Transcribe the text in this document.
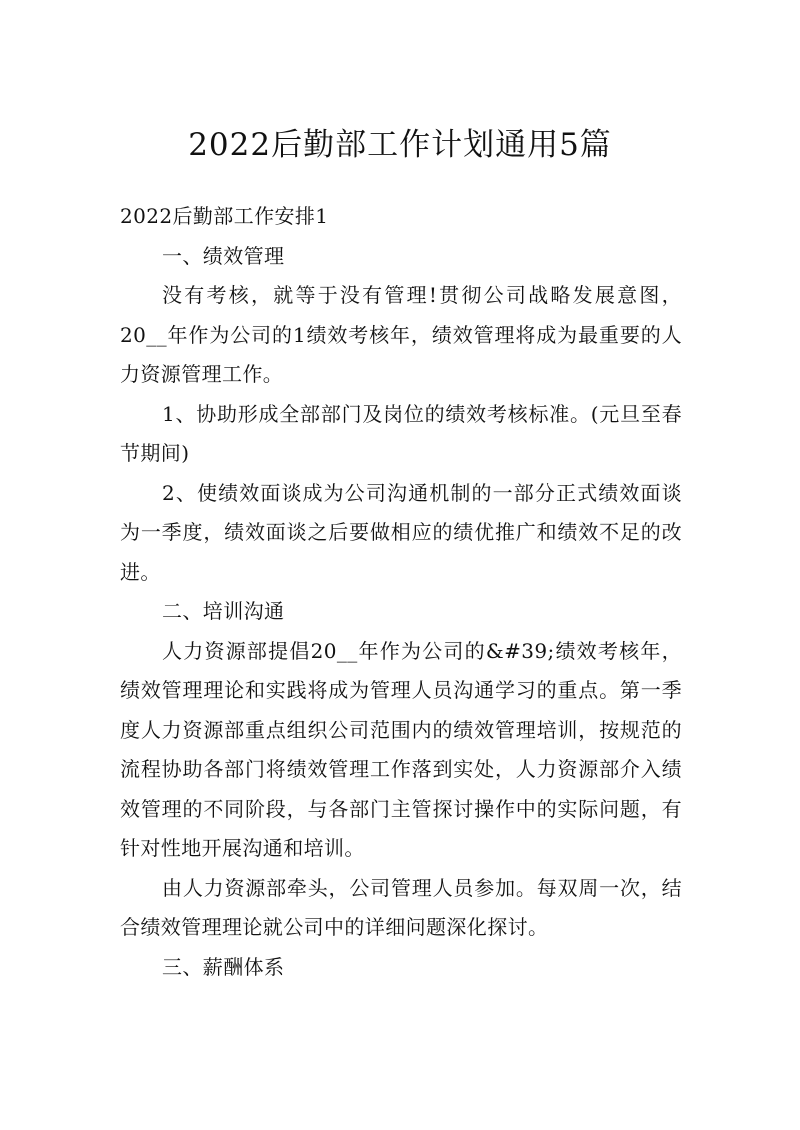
2022后勤部工作计划通用5篇

2022后勤部工作安排1

一、绩效管理

没有考核，就等于没有管理!贯彻公司战略发展意图，20__年作为公司的1绩效考核年，绩效管理将成为最重要的人力资源管理工作。

1、协助形成全部部门及岗位的绩效考核标准。(元旦至春节期间)

2、使绩效面谈成为公司沟通机制的一部分正式绩效面谈为一季度，绩效面谈之后要做相应的绩优推广和绩效不足的改进。

二、培训沟通

人力资源部提倡20__年作为公司的&#39;绩效考核年，绩效管理理论和实践将成为管理人员沟通学习的重点。第一季度人力资源部重点组织公司范围内的绩效管理培训，按规范的流程协助各部门将绩效管理工作落到实处，人力资源部介入绩效管理的不同阶段，与各部门主管探讨操作中的实际问题，有针对性地开展沟通和培训。

由人力资源部牵头，公司管理人员参加。每双周一次，结合绩效管理理论就公司中的详细问题深化探讨。

三、薪酬体系
